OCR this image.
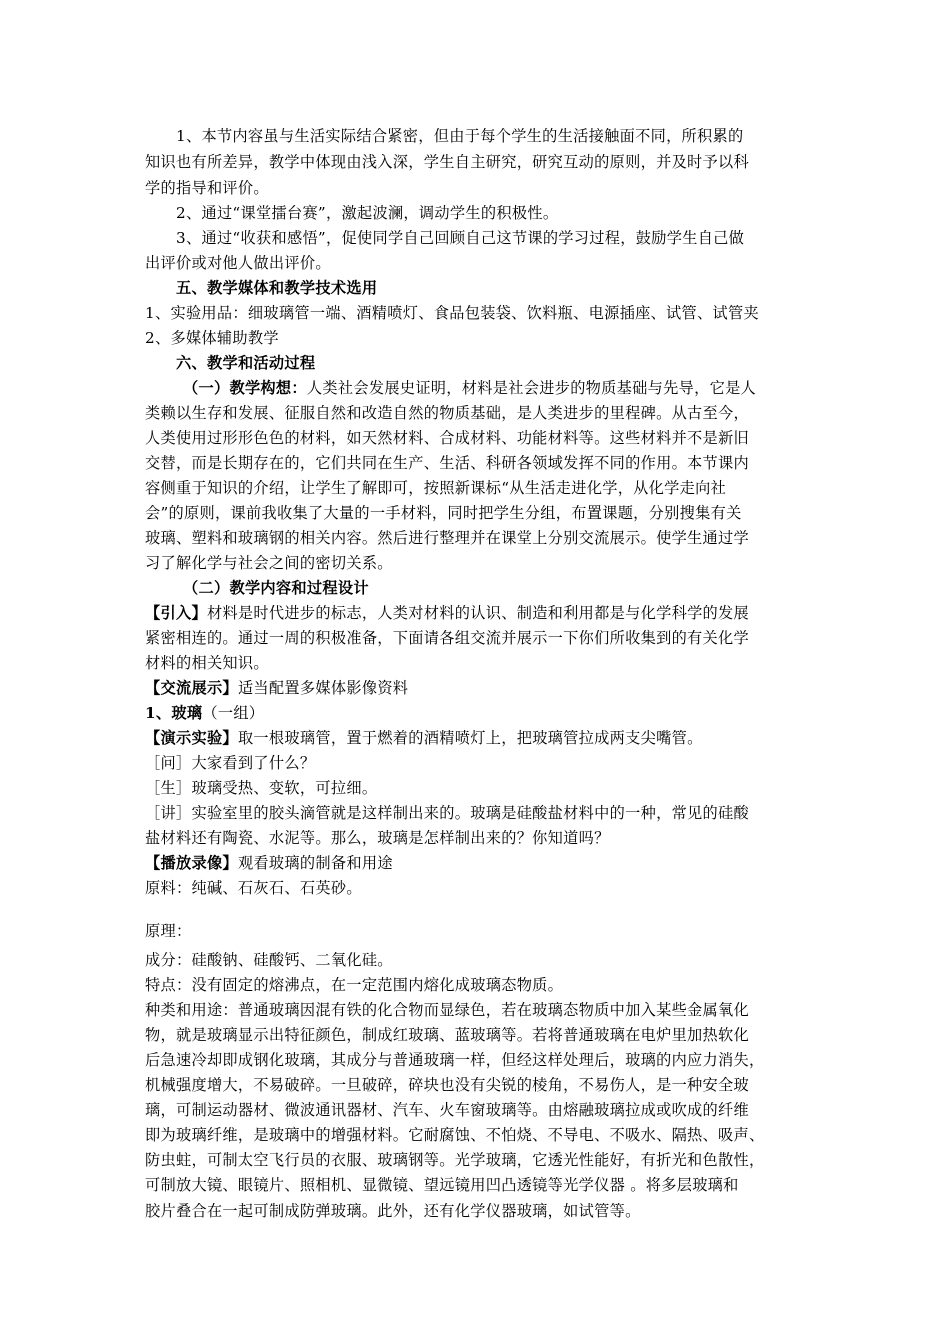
1、本节内容虽与生活实际结合紧密，但由于每个学生的生活接触面不同，所积累的
知识也有所差异，教学中体现由浅入深，学生自主研究，研究互动的原则，并及时予以科
学的指导和评价。
2、通过“课堂擂台赛”，激起波澜，调动学生的积极性。
3、通过“收获和感悟”，促使同学自己回顾自己这节课的学习过程，鼓励学生自己做
出评价或对他人做出评价。
五、教学媒体和教学技术选用
1、实验用品：细玻璃管一端、酒精喷灯、食品包装袋、饮料瓶、电源插座、试管、试管夹
2、多媒体辅助教学
六、教学和活动过程
（一）教学构想：人类社会发展史证明，材料是社会进步的物质基础与先导，它是人
类赖以生存和发展、征服自然和改造自然的物质基础，是人类进步的里程碑。从古至今，
人类使用过形形色色的材料，如天然材料、合成材料、功能材料等。这些材料并不是新旧
交替，而是长期存在的，它们共同在生产、生活、科研各领域发挥不同的作用。本节课内
容侧重于知识的介绍，让学生了解即可，按照新课标“从生活走进化学，从化学走向社
会”的原则，课前我收集了大量的一手材料，同时把学生分组，布置课题，分别搜集有关
玻璃、塑料和玻璃钢的相关内容。然后进行整理并在课堂上分别交流展示。使学生通过学
习了解化学与社会之间的密切关系。
（二）教学内容和过程设计
【引入】材料是时代进步的标志，人类对材料的认识、制造和利用都是与化学科学的发展
紧密相连的。通过一周的积极准备，下面请各组交流并展示一下你们所收集到的有关化学
材料的相关知识。
【交流展示】适当配置多媒体影像资料
1、玻璃（一组）
【演示实验】取一根玻璃管，置于燃着的酒精喷灯上，把玻璃管拉成两支尖嘴管。
［问］大家看到了什么？
［生］玻璃受热、变软，可拉细。
［讲］实验室里的胶头滴管就是这样制出来的。玻璃是硅酸盐材料中的一种，常见的硅酸
盐材料还有陶瓷、水泥等。那么，玻璃是怎样制出来的？你知道吗？
【播放录像】观看玻璃的制备和用途
原料：纯碱、石灰石、石英砂。
原理：
成分：硅酸钠、硅酸钙、二氧化硅。
特点：没有固定的熔沸点，在一定范围内熔化成玻璃态物质。
种类和用途：普通玻璃因混有铁的化合物而显绿色，若在玻璃态物质中加入某些金属氧化
物，就是玻璃显示出特征颜色，制成红玻璃、蓝玻璃等。若将普通玻璃在电炉里加热软化
后急速冷却即成钢化玻璃，其成分与普通玻璃一样，但经这样处理后，玻璃的内应力消失，
机械强度增大，不易破碎。一旦破碎，碎块也没有尖锐的棱角，不易伤人，是一种安全玻
璃，可制运动器材、微波通讯器材、汽车、火车窗玻璃等。由熔融玻璃拉成或吹成的纤维
即为玻璃纤维，是玻璃中的增强材料。它耐腐蚀、不怕烧、不导电、不吸水、隔热、吸声、
防虫蛀，可制太空飞行员的衣服、玻璃钢等。光学玻璃，它透光性能好，有折光和色散性，
可制放大镜、眼镜片、照相机、显微镜、望远镜用凹凸透镜等光学仪器 。将多层玻璃和
胶片叠合在一起可制成防弹玻璃。此外，还有化学仪器玻璃，如试管等。
